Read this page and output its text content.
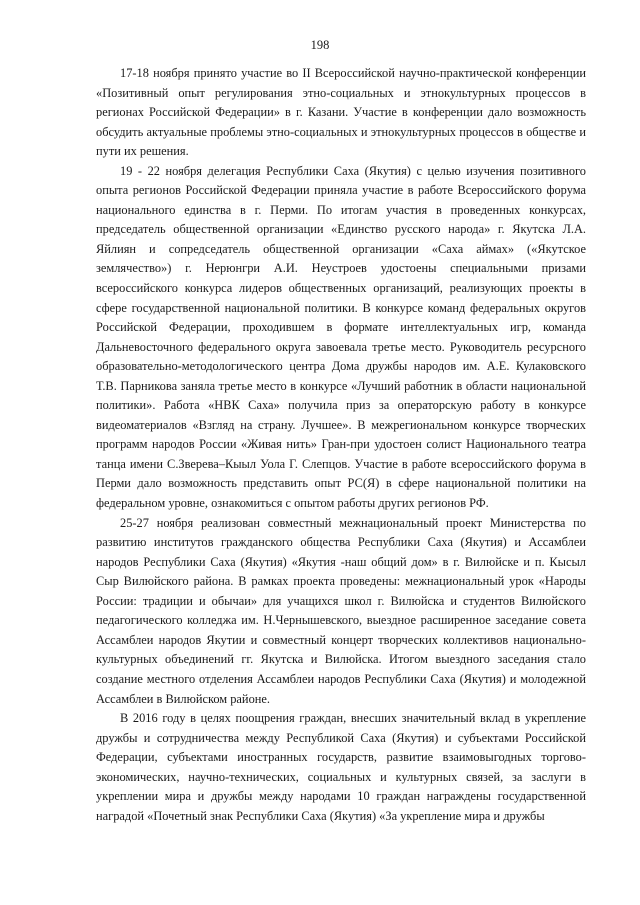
198

17-18 ноября принято участие во II Всероссийской научно-практической конференции «Позитивный опыт регулирования этно-социальных и этнокультурных процессов в регионах Российской Федерации» в г. Казани. Участие в конференции дало возможность обсудить актуальные проблемы этно-социальных и этнокультурных процессов в обществе и пути их решения.

19 - 22 ноября делегация Республики Саха (Якутия) с целью изучения позитивного опыта регионов Российской Федерации приняла участие в работе Всероссийского форума национального единства в г. Перми. По итогам участия в проведенных конкурсах, председатель общественной организации «Единство русского народа» г. Якутска Л.А. Яйлиян и сопредседатель общественной организации «Саха аймах» («Якутское землячество») г. Нерюнгри А.И. Неустроев удостоены специальными призами всероссийского конкурса лидеров общественных организаций, реализующих проекты в сфере государственной национальной политики. В конкурсе команд федеральных округов Российской Федерации, проходившем в формате интеллектуальных игр, команда Дальневосточного федерального округа завоевала третье место. Руководитель ресурсного образовательно-методологического центра Дома дружбы народов им. А.Е. Кулаковского Т.В. Парникова заняла третье место в конкурсе «Лучший работник в области национальной политики». Работа «НВК Саха» получила приз за операторскую работу в конкурсе видеоматериалов «Взгляд на страну. Лучшее». В межрегиональном конкурсе творческих программ народов России «Живая нить» Гран-при удостоен солист Национального театра танца имени С.Зверева–Кыыл Уола Г. Слепцов. Участие в работе всероссийского форума в Перми дало возможность представить опыт РС(Я) в сфере национальной политики на федеральном уровне, ознакомиться с опытом работы других регионов РФ.

25-27 ноября реализован совместный межнациональный проект Министерства по развитию институтов гражданского общества Республики Саха (Якутия) и Ассамблеи народов Республики Саха (Якутия) «Якутия -наш общий дом» в г. Вилюйске и п. Кысыл Сыр Вилюйского района. В рамках проекта проведены: межнациональный урок «Народы России: традиции и обычаи» для учащихся школ г. Вилюйска и студентов Вилюйского педагогического колледжа им. Н.Чернышевского, выездное расширенное заседание совета Ассамблеи народов Якутии и совместный концерт творческих коллективов национально-культурных объединений гг. Якутска и Вилюйска. Итогом выездного заседания стало создание местного отделения Ассамблеи народов Республики Саха (Якутия) и молодежной Ассамблеи в Вилюйском районе.

В 2016 году в целях поощрения граждан, внесших значительный вклад в укрепление дружбы и сотрудничества между Республикой Саха (Якутия) и субъектами Российской Федерации, субъектами иностранных государств, развитие взаимовыгодных торгово-экономических, научно-технических, социальных и культурных связей, за заслуги в укреплении мира и дружбы между народами 10 граждан награждены государственной наградой «Почетный знак Республики Саха (Якутия) «За укрепление мира и дружбы
